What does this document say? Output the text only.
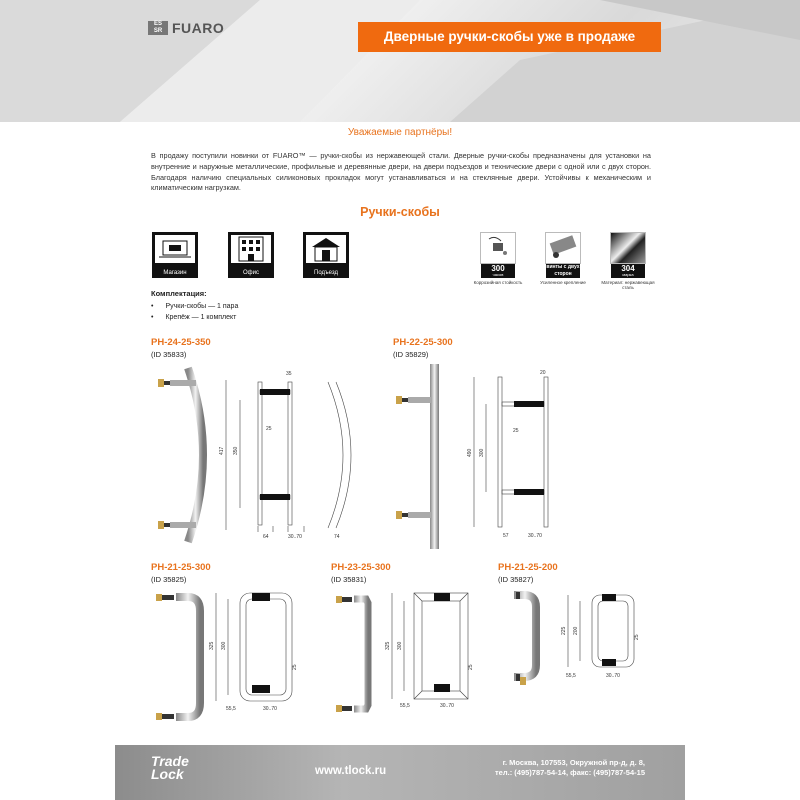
ЕS
SR FUARO
Дверные ручки-скобы уже в продаже
Уважаемые партнёры!
В продажу поступили новинки от FUARO™ — ручки-скобы из нержавеющей стали. Дверные ручки-скобы предназначены для установки на внутренние и наружные металлические, профильные и деревянные двери, на двери подъездов и технические двери с одной или с двух сторон. Благодаря наличию специальных силиконовых прокладок могут устанавливаться и на стеклянные двери. Устойчивы к механическим и климатическим нагрузкам.
Ручки-скобы
Магазин	Офис	Подъезд	300
часов
Коррозийная стойкость
винты с двух сторон
Усиленное крепление
304
марка
Материал: нержавеющая сталь
Комплектация:
• Ручки-скобы — 1 пара
• Крепёж — 1 комплект
PH-24-25-350
(ID 35833)
PH-22-25-300
(ID 35829)
PH-21-25-300
(ID 35825)
PH-23-25-300
(ID 35831)
PH-21-25-200
(ID 35827)
417 350
25
35
64	30..70	74
490 300
25
20
57	30..70
325 300
25
55,5	30..70
325 300
25
55,5	30..70
225 200
25
55,5	30..70
Trade
Lock	www.tlock.ru
г. Москва, 107553, Окружной пр-д, д. 8,
тел.: (495)787-54-14, факс: (495)787-54-15
